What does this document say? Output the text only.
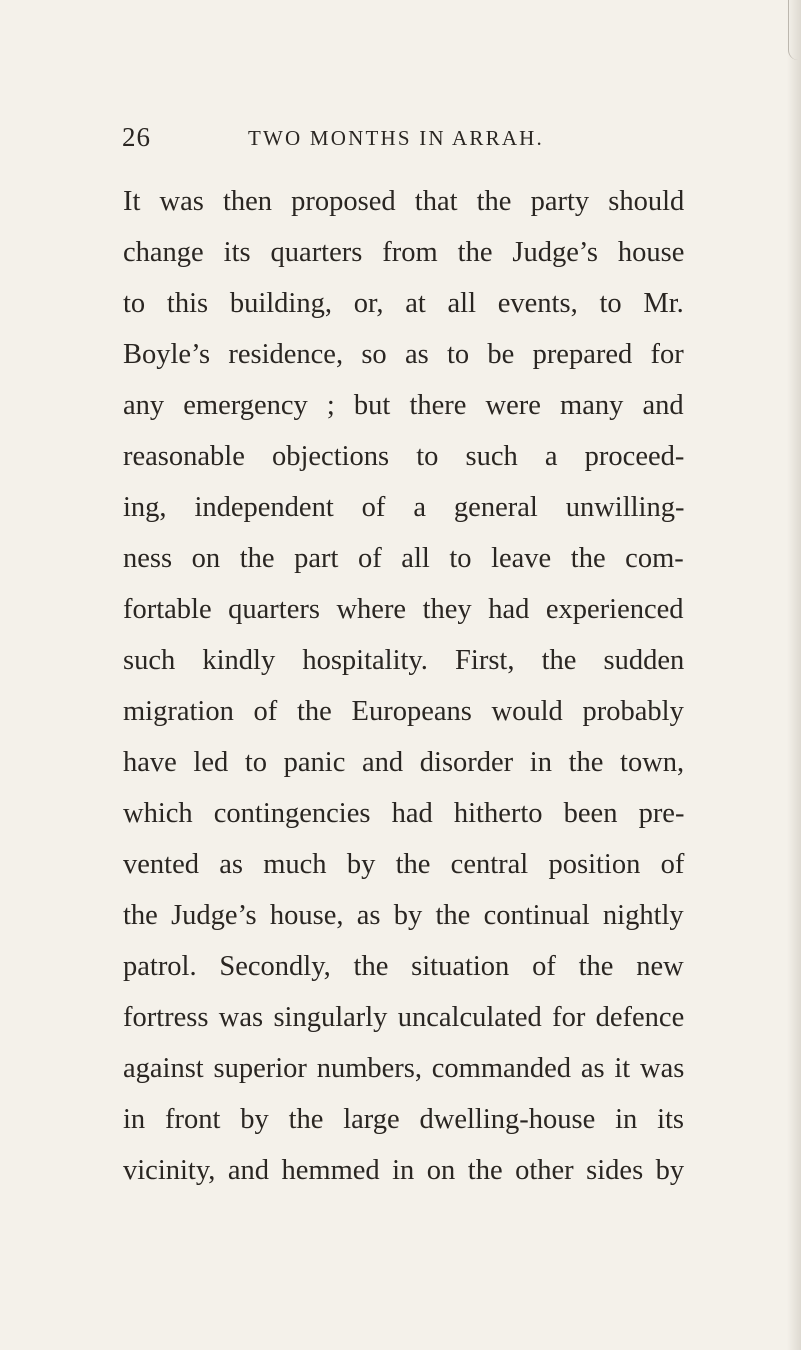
26	TWO MONTHS IN ARRAH.
It was then proposed that the party should
change its quarters from the Judge’s house
to this building, or, at all events, to Mr.
Boyle’s residence, so as to be prepared for
any emergency ; but there were many and
reasonable objections to such a proceed-
ing, independent of a general unwilling-
ness on the part of all to leave the com-
fortable quarters where they had experienced
such kindly hospitality. First, the sudden
migration of the Europeans would probably
have led to panic and disorder in the town,
which contingencies had hitherto been pre-
vented as much by the central position of
the Judge’s house, as by the continual nightly
patrol. Secondly, the situation of the new
fortress was singularly uncalculated for defence
against superior numbers, commanded as it was
in front by the large dwelling-house in its
vicinity, and hemmed in on the other sides by
